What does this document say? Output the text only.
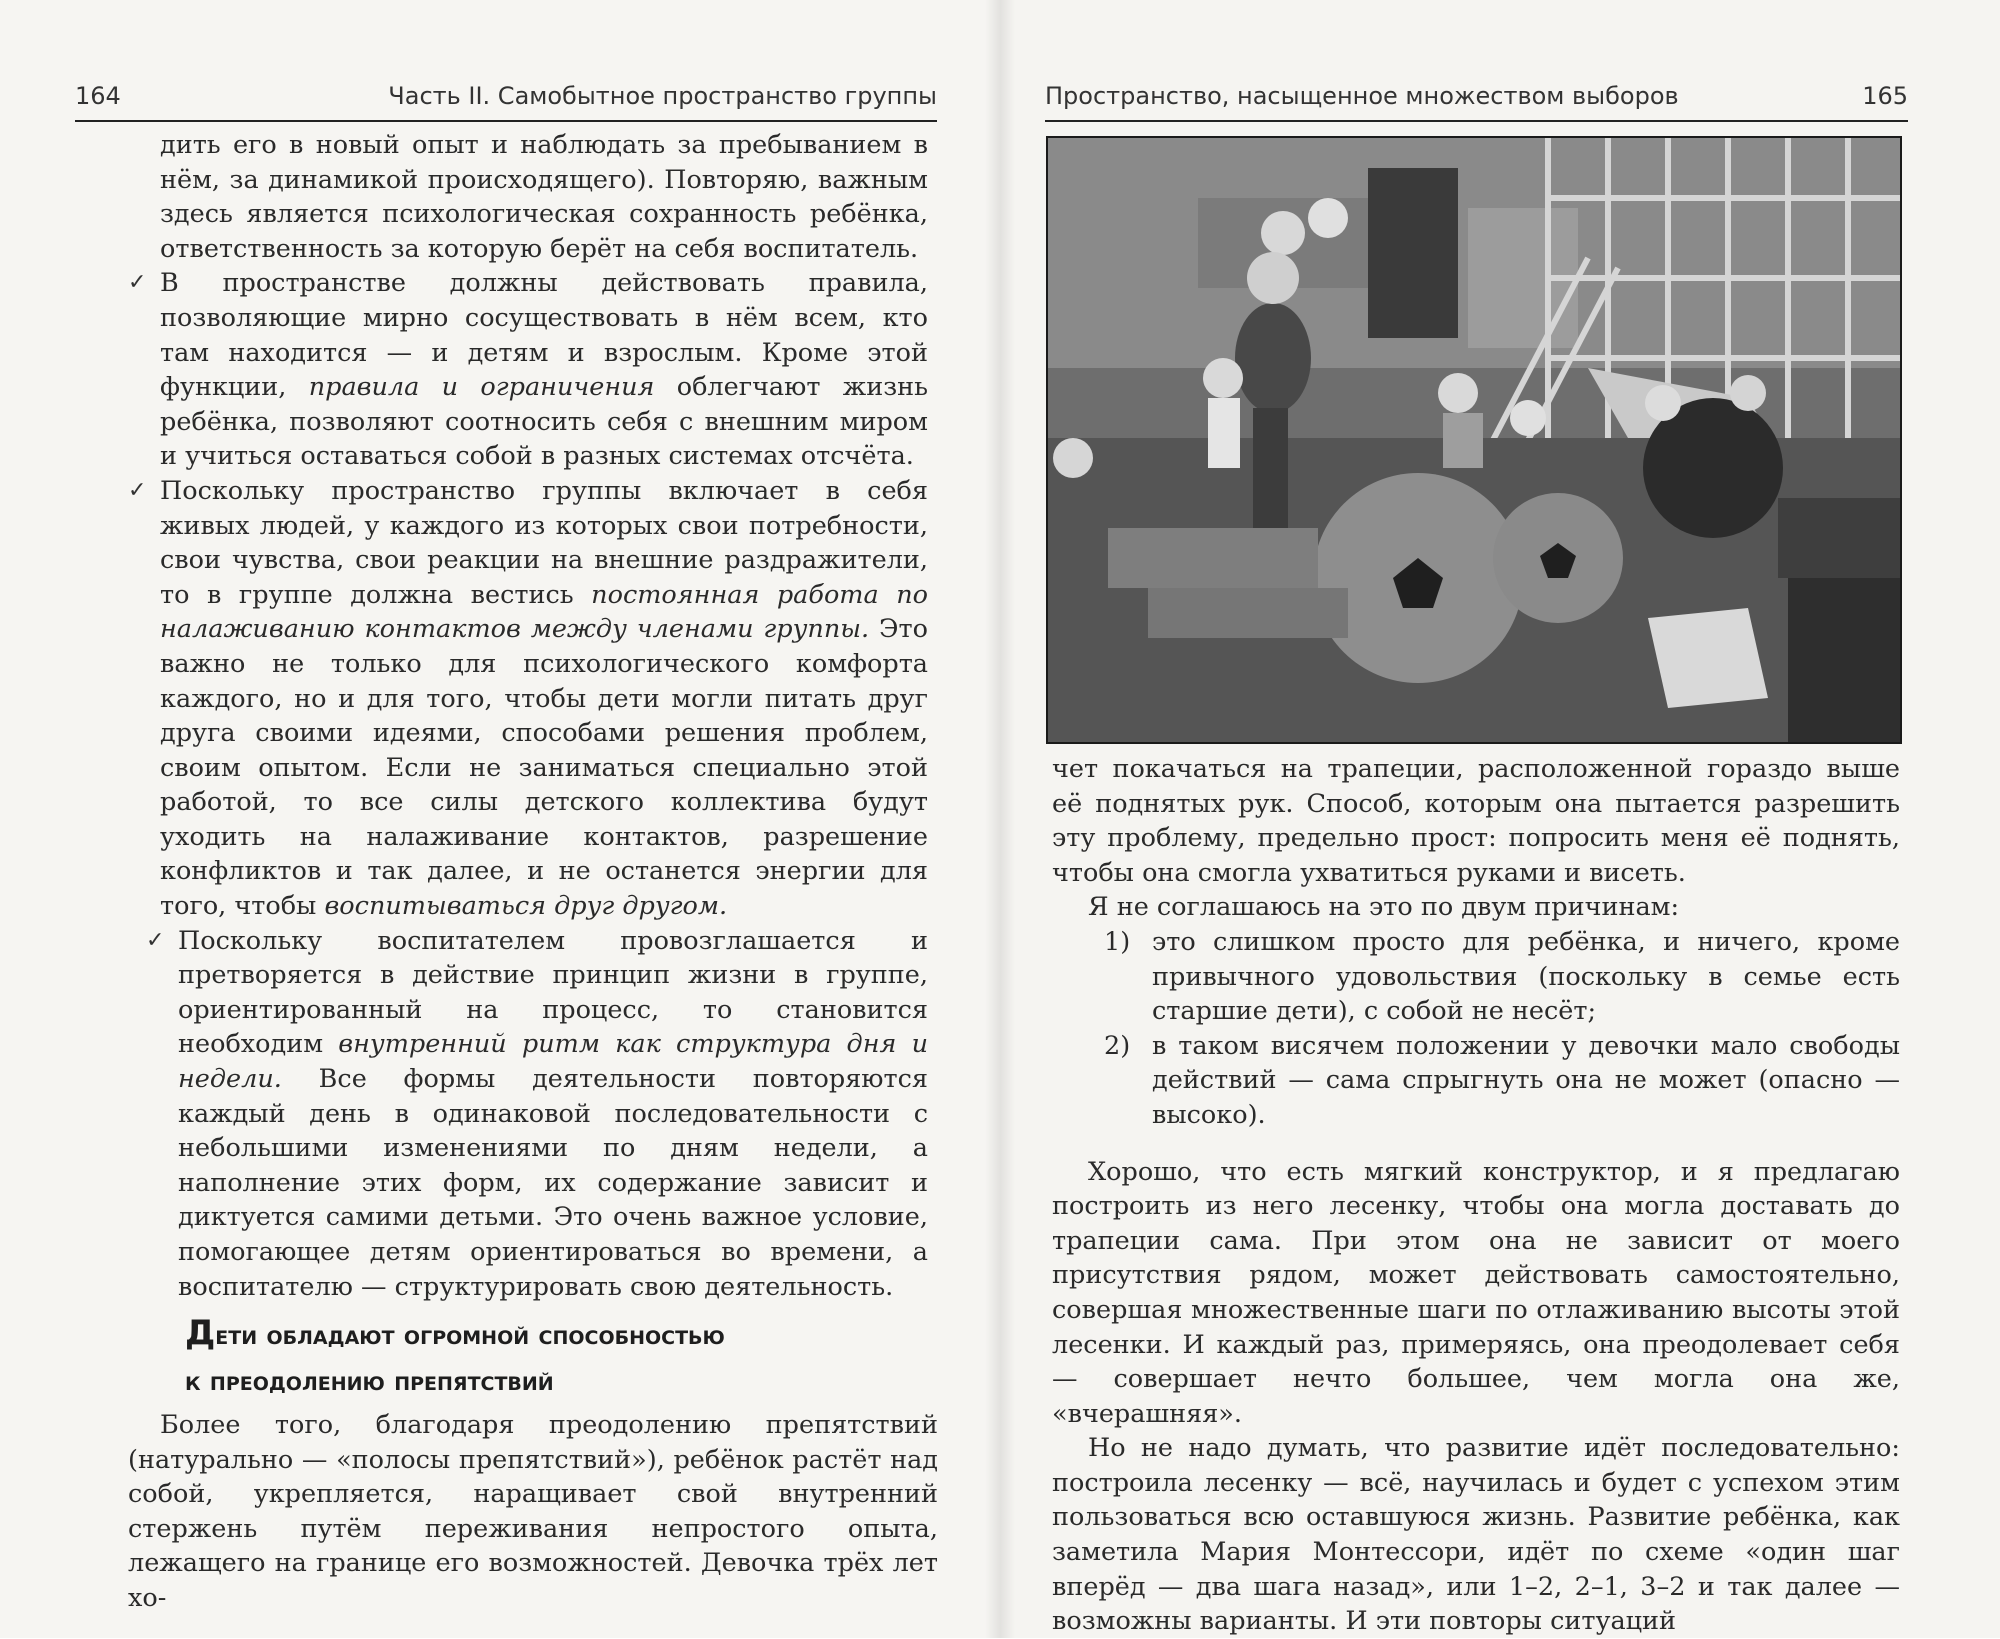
164	Часть II. Самобытное пространство группы

дить его в новый опыт и наблюдать за пребыванием в нём, за динамикой происходящего). Повторяю, важным здесь является психологическая сохранность ребёнка, ответственность за которую берёт на себя воспитатель.

✓ В пространстве должны действовать правила, позволяющие мирно сосуществовать в нём всем, кто там находится — и детям и взрослым. Кроме этой функции, правила и ограничения облегчают жизнь ребёнка, позволяют соотносить себя с внешним миром и учиться оставаться собой в разных системах отсчёта.

✓ Поскольку пространство группы включает в себя живых людей, у каждого из которых свои потребности, свои чувства, свои реакции на внешние раздражители, то в группе должна вестись постоянная работа по налаживанию контактов между членами группы. Это важно не только для психологического комфорта каждого, но и для того, чтобы дети могли питать друг друга своими идеями, способами решения проблем, своим опытом. Если не заниматься специально этой работой, то все силы детского коллектива будут уходить на налаживание контактов, разрешение конфликтов и так далее, и не останется энергии для того, чтобы воспитываться друг другом.

✓ Поскольку воспитателем провозглашается и претворяется в действие принцип жизни в группе, ориентированный на процесс, то становится необходим внутренний ритм как структура дня и недели. Все формы деятельности повторяются каждый день в одинаковой последовательности с небольшими изменениями по дням недели, а наполнение этих форм, их содержание зависит и диктуется самими детьми. Это очень важное условие, помогающее детям ориентироваться во времени, а воспитателю — структурировать свою деятельность.

Дети обладают огромной способностью
к преодолению препятствий

Более того, благодаря преодолению препятствий (натурально — «полосы препятствий»), ребёнок растёт над собой, укрепляется, наращивает свой внутренний стержень путём переживания непростого опыта, лежащего на границе его возможностей. Девочка трёх лет хо-

Пространство, насыщенное множеством выборов	165

чет покачаться на трапеции, расположенной гораздо выше её поднятых рук. Способ, которым она пытается разрешить эту проблему, предельно прост: попросить меня её поднять, чтобы она смогла ухватиться руками и висеть.

Я не соглашаюсь на это по двум причинам:

1) это слишком просто для ребёнка, и ничего, кроме привычного удовольствия (поскольку в семье есть старшие дети), с собой не несёт;

2) в таком висячем положении у девочки мало свободы действий — сама спрыгнуть она не может (опасно — высоко).

Хорошо, что есть мягкий конструктор, и я предлагаю построить из него лесенку, чтобы она могла доставать до трапеции сама. При этом она не зависит от моего присутствия рядом, может действовать самостоятельно, совершая множественные шаги по отлаживанию высоты этой лесенки. И каждый раз, примеряясь, она преодолевает себя — совершает нечто большее, чем могла она же, «вчерашняя».

Но не надо думать, что развитие идёт последовательно: построила лесенку — всё, научилась и будет с успехом этим пользоваться всю оставшуюся жизнь. Развитие ребёнка, как заметила Мария Монтессори, идёт по схеме «один шаг вперёд — два шага назад», или 1–2, 2–1, 3–2 и так далее — возможны варианты. И эти повторы ситуаций
